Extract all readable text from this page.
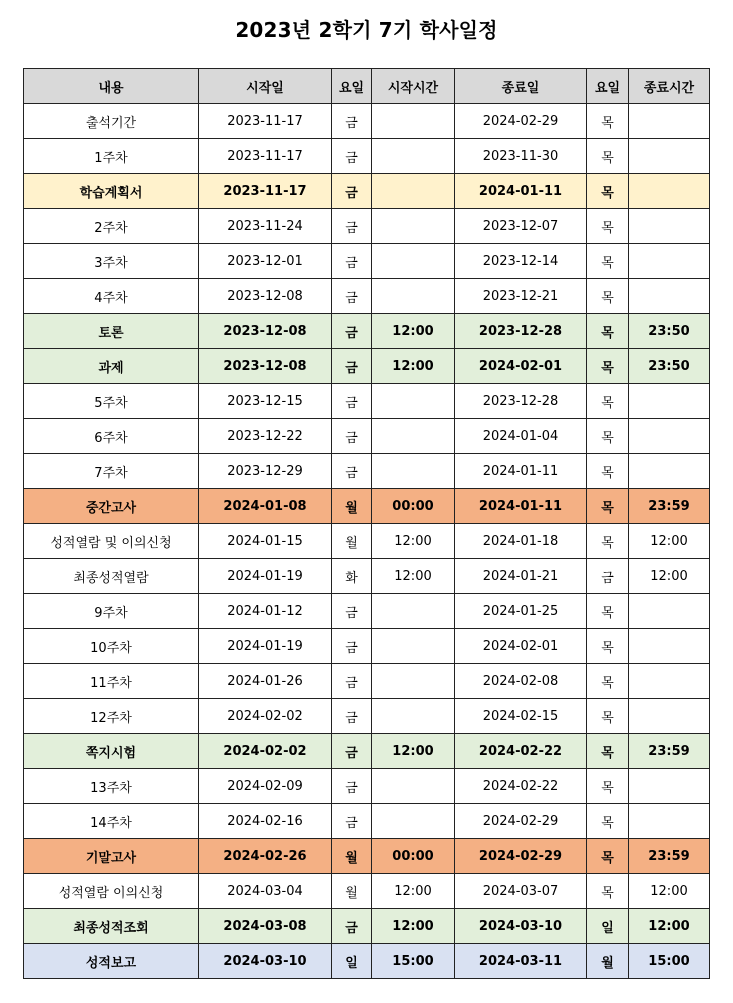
2023년 2학기 7기 학사일정
내용	시작일	요일	시작시간	종료일	요일	종료시간
출석기간	2023-11-17	금		2024-02-29	목	
1주차	2023-11-17	금		2023-11-30	목	
학습계획서	2023-11-17	금		2024-01-11	목	
2주차	2023-11-24	금		2023-12-07	목	
3주차	2023-12-01	금		2023-12-14	목	
4주차	2023-12-08	금		2023-12-21	목	
토론	2023-12-08	금	12:00	2023-12-28	목	23:50
과제	2023-12-08	금	12:00	2024-02-01	목	23:50
5주차	2023-12-15	금		2023-12-28	목	
6주차	2023-12-22	금		2024-01-04	목	
7주차	2023-12-29	금		2024-01-11	목	
중간고사	2024-01-08	월	00:00	2024-01-11	목	23:59
성적열람 및 이의신청	2024-01-15	월	12:00	2024-01-18	목	12:00
최종성적열람	2024-01-19	화	12:00	2024-01-21	금	12:00
9주차	2024-01-12	금		2024-01-25	목	
10주차	2024-01-19	금		2024-02-01	목	
11주차	2024-01-26	금		2024-02-08	목	
12주차	2024-02-02	금		2024-02-15	목	
쪽지시험	2024-02-02	금	12:00	2024-02-22	목	23:59
13주차	2024-02-09	금		2024-02-22	목	
14주차	2024-02-16	금		2024-02-29	목	
기말고사	2024-02-26	월	00:00	2024-02-29	목	23:59
성적열람 이의신청	2024-03-04	월	12:00	2024-03-07	목	12:00
최종성적조회	2024-03-08	금	12:00	2024-03-10	일	12:00
성적보고	2024-03-10	일	15:00	2024-03-11	월	15:00
